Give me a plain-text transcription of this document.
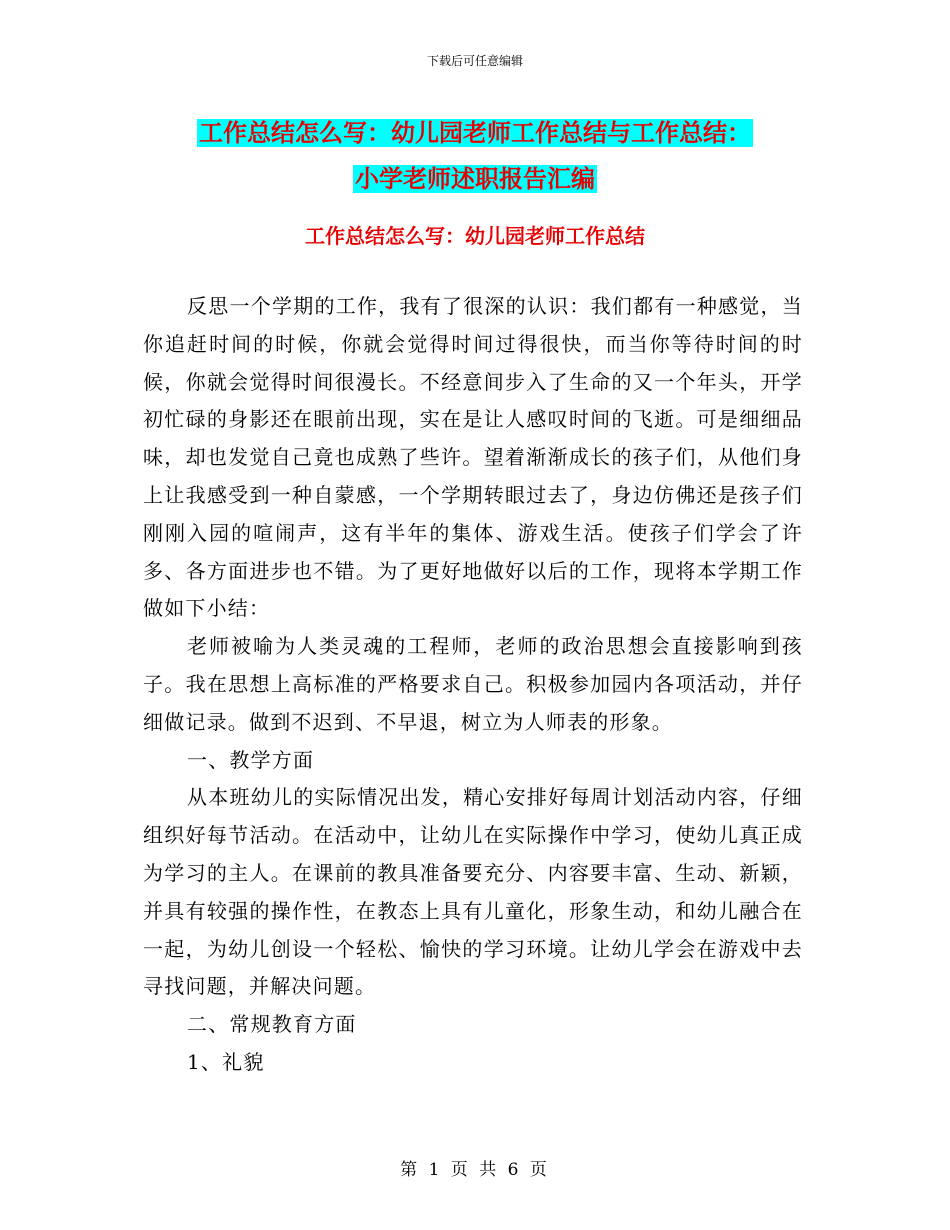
下载后可任意编辑
工作总结怎么写：幼儿园老师工作总结与工作总结：
小学老师述职报告汇编
工作总结怎么写：幼儿园老师工作总结

反思一个学期的工作，我有了很深的认识：我们都有一种感觉，当你追赶时间的时候，你就会觉得时间过得很快，而当你等待时间的时候，你就会觉得时间很漫长。不经意间步入了生命的又一个年头，开学初忙碌的身影还在眼前出现，实在是让人感叹时间的飞逝。可是细细品味，却也发觉自己竟也成熟了些许。望着渐渐成长的孩子们，从他们身上让我感受到一种自蒙感，一个学期转眼过去了，身边仿佛还是孩子们刚刚入园的喧闹声，这有半年的集体、游戏生活。使孩子们学会了许多、各方面进步也不错。为了更好地做好以后的工作，现将本学期工作做如下小结：

老师被喻为人类灵魂的工程师，老师的政治思想会直接影响到孩子。我在思想上高标准的严格要求自己。积极参加园内各项活动，并仔细做记录。做到不迟到、不早退，树立为人师表的形象。

一、教学方面

从本班幼儿的实际情况出发，精心安排好每周计划活动内容，仔细组织好每节活动。在活动中，让幼儿在实际操作中学习，使幼儿真正成为学习的主人。在课前的教具准备要充分、内容要丰富、生动、新颖，并具有较强的操作性，在教态上具有儿童化，形象生动，和幼儿融合在一起，为幼儿创设一个轻松、愉快的学习环境。让幼儿学会在游戏中去寻找问题，并解决问题。

二、常规教育方面

1、礼貌

第 1 页 共 6 页
